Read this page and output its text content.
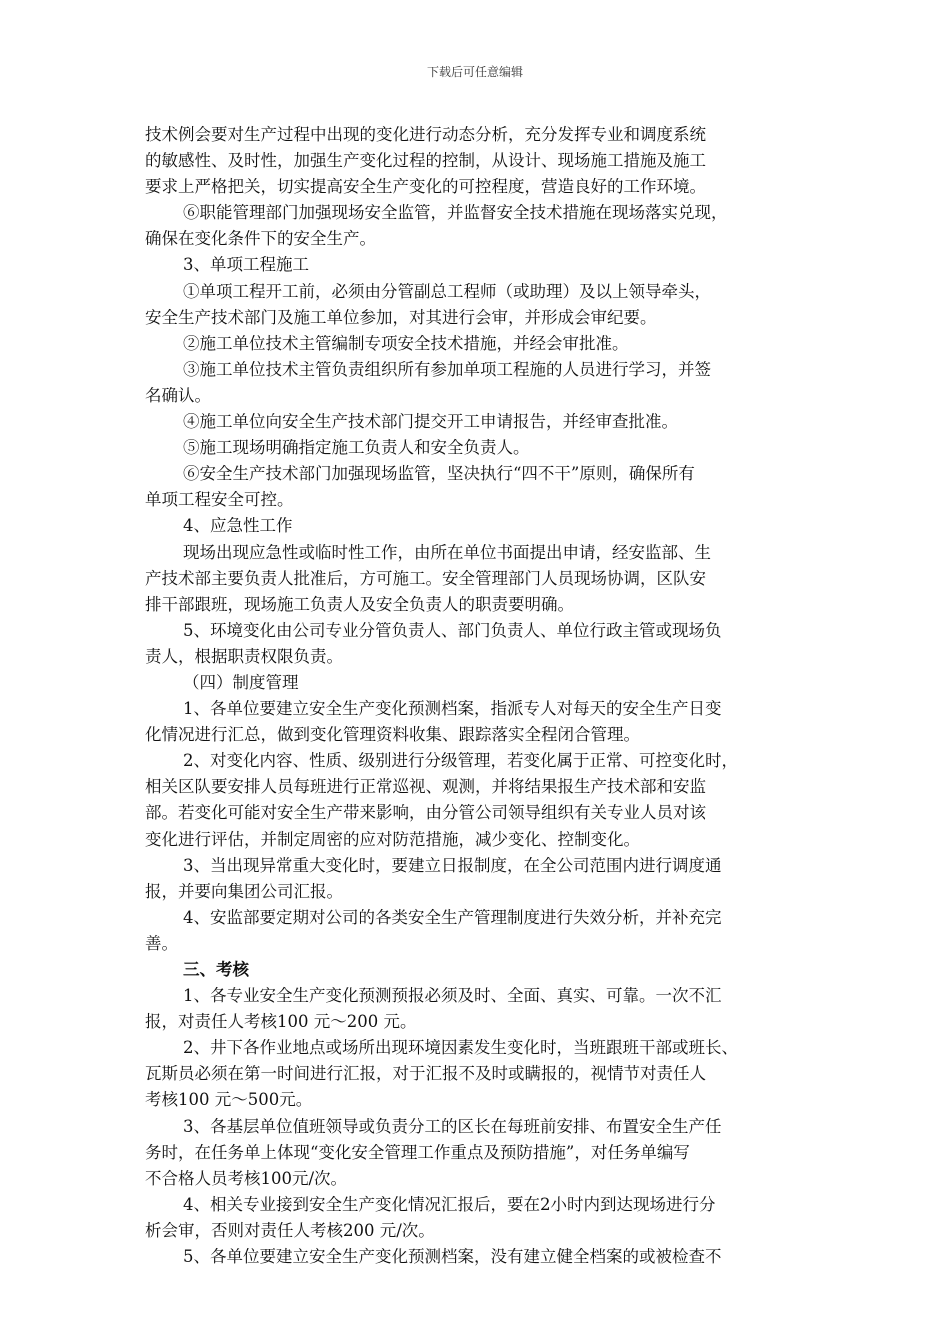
下载后可任意编辑
技术例会要对生产过程中出现的变化进行动态分析，充分发挥专业和调度系统
的敏感性、及时性，加强生产变化过程的控制，从设计、现场施工措施及施工
要求上严格把关，切实提高安全生产变化的可控程度，营造良好的工作环境。
⑥职能管理部门加强现场安全监管，并监督安全技术措施在现场落实兑现，
确保在变化条件下的安全生产。
3、单项工程施工
①单项工程开工前，必须由分管副总工程师（或助理）及以上领导牵头，
安全生产技术部门及施工单位参加，对其进行会审，并形成会审纪要。
②施工单位技术主管编制专项安全技术措施，并经会审批准。
③施工单位技术主管负责组织所有参加单项工程施的人员进行学习，并签
名确认。
④施工单位向安全生产技术部门提交开工申请报告，并经审查批准。
⑤施工现场明确指定施工负责人和安全负责人。
⑥安全生产技术部门加强现场监管，坚决执行“四不干”原则，确保所有
单项工程安全可控。
4、应急性工作
现场出现应急性或临时性工作，由所在单位书面提出申请，经安监部、生
产技术部主要负责人批准后，方可施工。安全管理部门人员现场协调，区队安
排干部跟班，现场施工负责人及安全负责人的职责要明确。
5、环境变化由公司专业分管负责人、部门负责人、单位行政主管或现场负
责人，根据职责权限负责。
（四）制度管理
1、各单位要建立安全生产变化预测档案，指派专人对每天的安全生产日变
化情况进行汇总，做到变化管理资料收集、跟踪落实全程闭合管理。
2、对变化内容、性质、级别进行分级管理，若变化属于正常、可控变化时，
相关区队要安排人员每班进行正常巡视、观测，并将结果报生产技术部和安监
部。若变化可能对安全生产带来影响，由分管公司领导组织有关专业人员对该
变化进行评估，并制定周密的应对防范措施，减少变化、控制变化。
3、当出现异常重大变化时，要建立日报制度，在全公司范围内进行调度通
报，并要向集团公司汇报。
4、安监部要定期对公司的各类安全生产管理制度进行失效分析，并补充完
善。
三、考核
1、各专业安全生产变化预测预报必须及时、全面、真实、可靠。一次不汇
报，对责任人考核100 元～200 元。
2、井下各作业地点或场所出现环境因素发生变化时，当班跟班干部或班长、
瓦斯员必须在第一时间进行汇报，对于汇报不及时或瞒报的，视情节对责任人
考核100 元～500元。
3、各基层单位值班领导或负责分工的区长在每班前安排、布置安全生产任
务时，在任务单上体现“变化安全管理工作重点及预防措施”，对任务单编写
不合格人员考核100元/次。
4、相关专业接到安全生产变化情况汇报后，要在2小时内到达现场进行分
析会审，否则对责任人考核200 元/次。
5、各单位要建立安全生产变化预测档案，没有建立健全档案的或被检查不
